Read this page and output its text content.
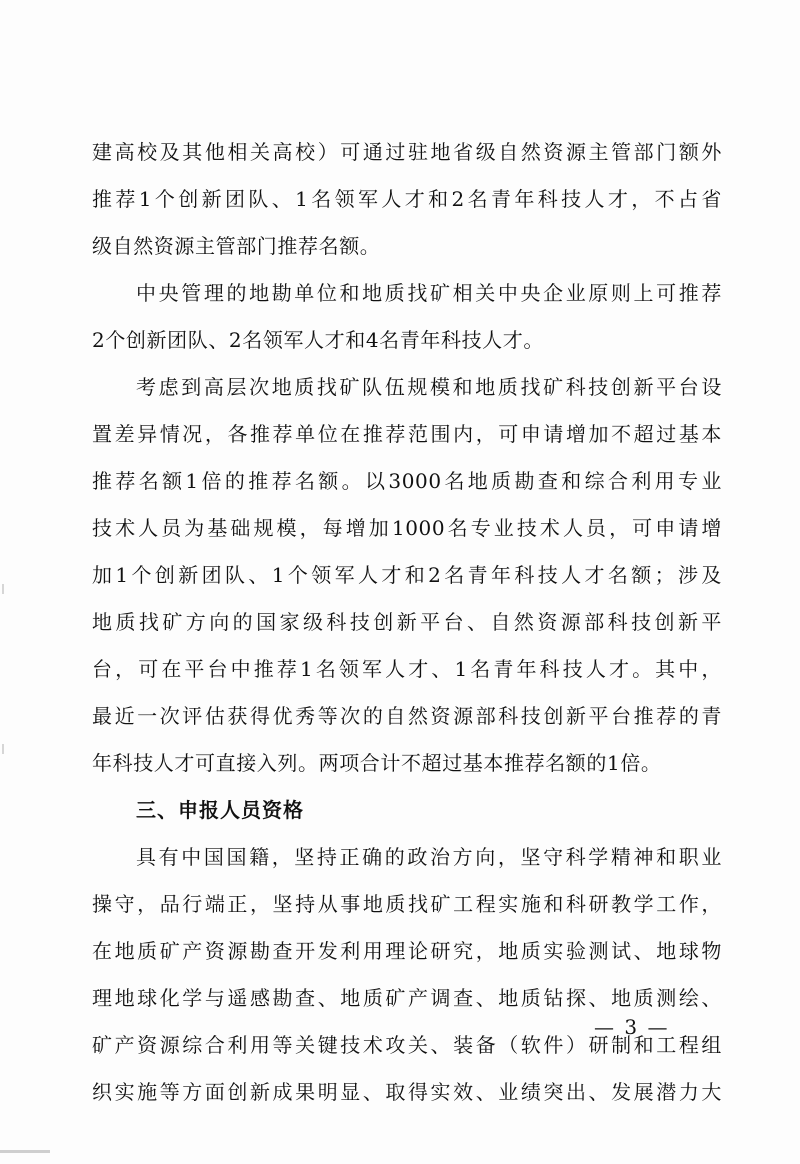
建高校及其他相关高校）可通过驻地省级自然资源主管部门额外
推荐1个创新团队、1名领军人才和2名青年科技人才，不占省
级自然资源主管部门推荐名额。
中央管理的地勘单位和地质找矿相关中央企业原则上可推荐
2个创新团队、2名领军人才和4名青年科技人才。
考虑到高层次地质找矿队伍规模和地质找矿科技创新平台设
置差异情况，各推荐单位在推荐范围内，可申请增加不超过基本
推荐名额1倍的推荐名额。以3000名地质勘查和综合利用专业
技术人员为基础规模，每增加1000名专业技术人员，可申请增
加1个创新团队、1个领军人才和2名青年科技人才名额；涉及
地质找矿方向的国家级科技创新平台、自然资源部科技创新平
台，可在平台中推荐1名领军人才、1名青年科技人才。其中，
最近一次评估获得优秀等次的自然资源部科技创新平台推荐的青
年科技人才可直接入列。两项合计不超过基本推荐名额的1倍。
三、申报人员资格
具有中国国籍，坚持正确的政治方向，坚守科学精神和职业
操守，品行端正，坚持从事地质找矿工程实施和科研教学工作，
在地质矿产资源勘查开发利用理论研究，地质实验测试、地球物
理地球化学与遥感勘查、地质矿产调查、地质钻探、地质测绘、
矿产资源综合利用等关键技术攻关、装备（软件）研制和工程组
织实施等方面创新成果明显、取得实效、业绩突出、发展潜力大
— 3 —
